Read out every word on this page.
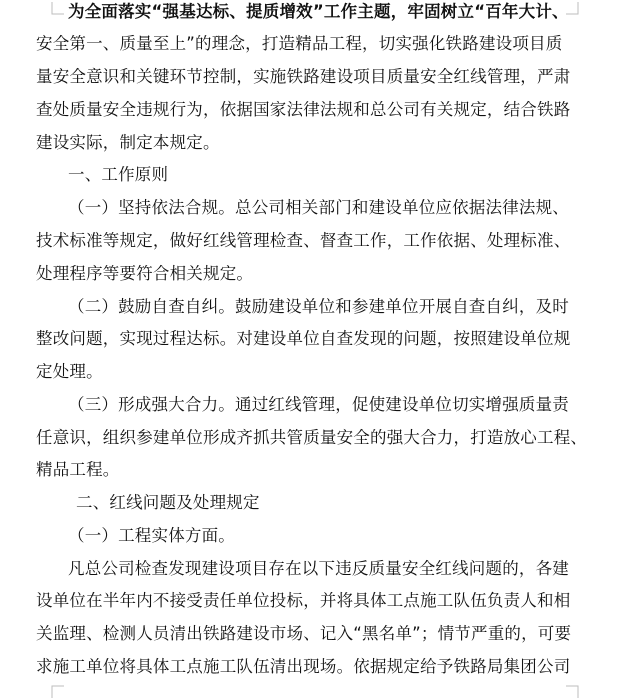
为全面落实“强基达标、提质增效”工作主题，牢固树立“百年大计、
安全第一、质量至上”的理念，打造精品工程，切实强化铁路建设项目质
量安全意识和关键环节控制，实施铁路建设项目质量安全红线管理，严肃
查处质量安全违规行为，依据国家法律法规和总公司有关规定，结合铁路
建设实际，制定本规定。
一、工作原则
（一）坚持依法合规。总公司相关部门和建设单位应依据法律法规、
技术标准等规定，做好红线管理检查、督查工作，工作依据、处理标准、
处理程序等要符合相关规定。
（二）鼓励自查自纠。鼓励建设单位和参建单位开展自查自纠，及时
整改问题，实现过程达标。对建设单位自查发现的问题，按照建设单位规
定处理。
（三）形成强大合力。通过红线管理，促使建设单位切实增强质量责
任意识，组织参建单位形成齐抓共管质量安全的强大合力，打造放心工程、
精品工程。
二、红线问题及处理规定
（一）工程实体方面。
凡总公司检查发现建设项目存在以下违反质量安全红线问题的，各建
设单位在半年内不接受责任单位投标，并将具体工点施工队伍负责人和相
关监理、检测人员清出铁路建设市场、记入“黑名单”；情节严重的，可要
求施工单位将具体工点施工队伍清出现场。依据规定给予铁路局集团公司
